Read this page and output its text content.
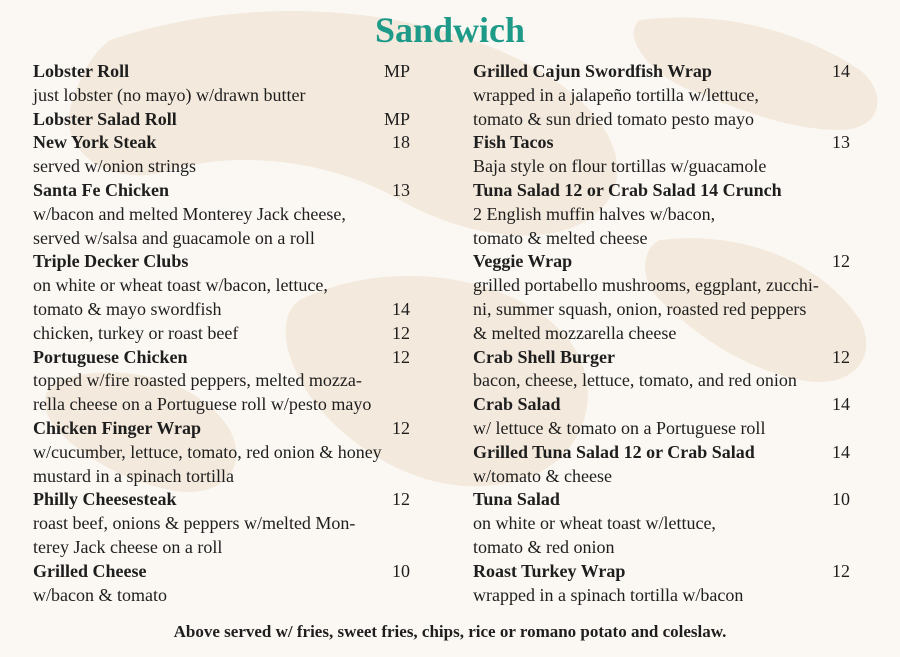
Sandwich
Lobster Roll	MP
just lobster (no mayo) w/drawn butter
Lobster Salad Roll	MP
New York Steak	18
served w/onion strings
Santa Fe Chicken	13
w/bacon and melted Monterey Jack cheese,
served w/salsa and guacamole on a roll
Triple Decker Clubs
on white or wheat toast w/bacon, lettuce,
tomato & mayo swordfish	14
chicken, turkey or roast beef	12
Portuguese Chicken	12
topped w/fire roasted peppers, melted mozza-
rella cheese on a Portuguese roll w/pesto mayo
Chicken Finger Wrap	12
w/cucumber, lettuce, tomato, red onion & honey
mustard in a spinach tortilla
Philly Cheesesteak	12
roast beef, onions & peppers w/melted Mon-
terey Jack cheese on a roll
Grilled Cheese	10
w/bacon & tomato
Grilled Cajun Swordfish Wrap	14
wrapped in a jalapeño tortilla w/lettuce,
tomato & sun dried tomato pesto mayo
Fish Tacos	13
Baja style on flour tortillas w/guacamole
Tuna Salad 12 or Crab Salad 14 Crunch
2 English muffin halves w/bacon,
tomato & melted cheese
Veggie Wrap	12
grilled portabello mushrooms, eggplant, zucchi-
ni, summer squash, onion, roasted red peppers
& melted mozzarella cheese
Crab Shell Burger	12
bacon, cheese, lettuce, tomato, and red onion
Crab Salad	14
w/ lettuce & tomato on a Portuguese roll
Grilled Tuna Salad 12 or Crab Salad	14
w/tomato & cheese
Tuna Salad	10
on white or wheat toast w/lettuce,
tomato & red onion
Roast Turkey Wrap	12
wrapped in a spinach tortilla w/bacon
Above served w/ fries, sweet fries, chips, rice or romano potato and coleslaw.
